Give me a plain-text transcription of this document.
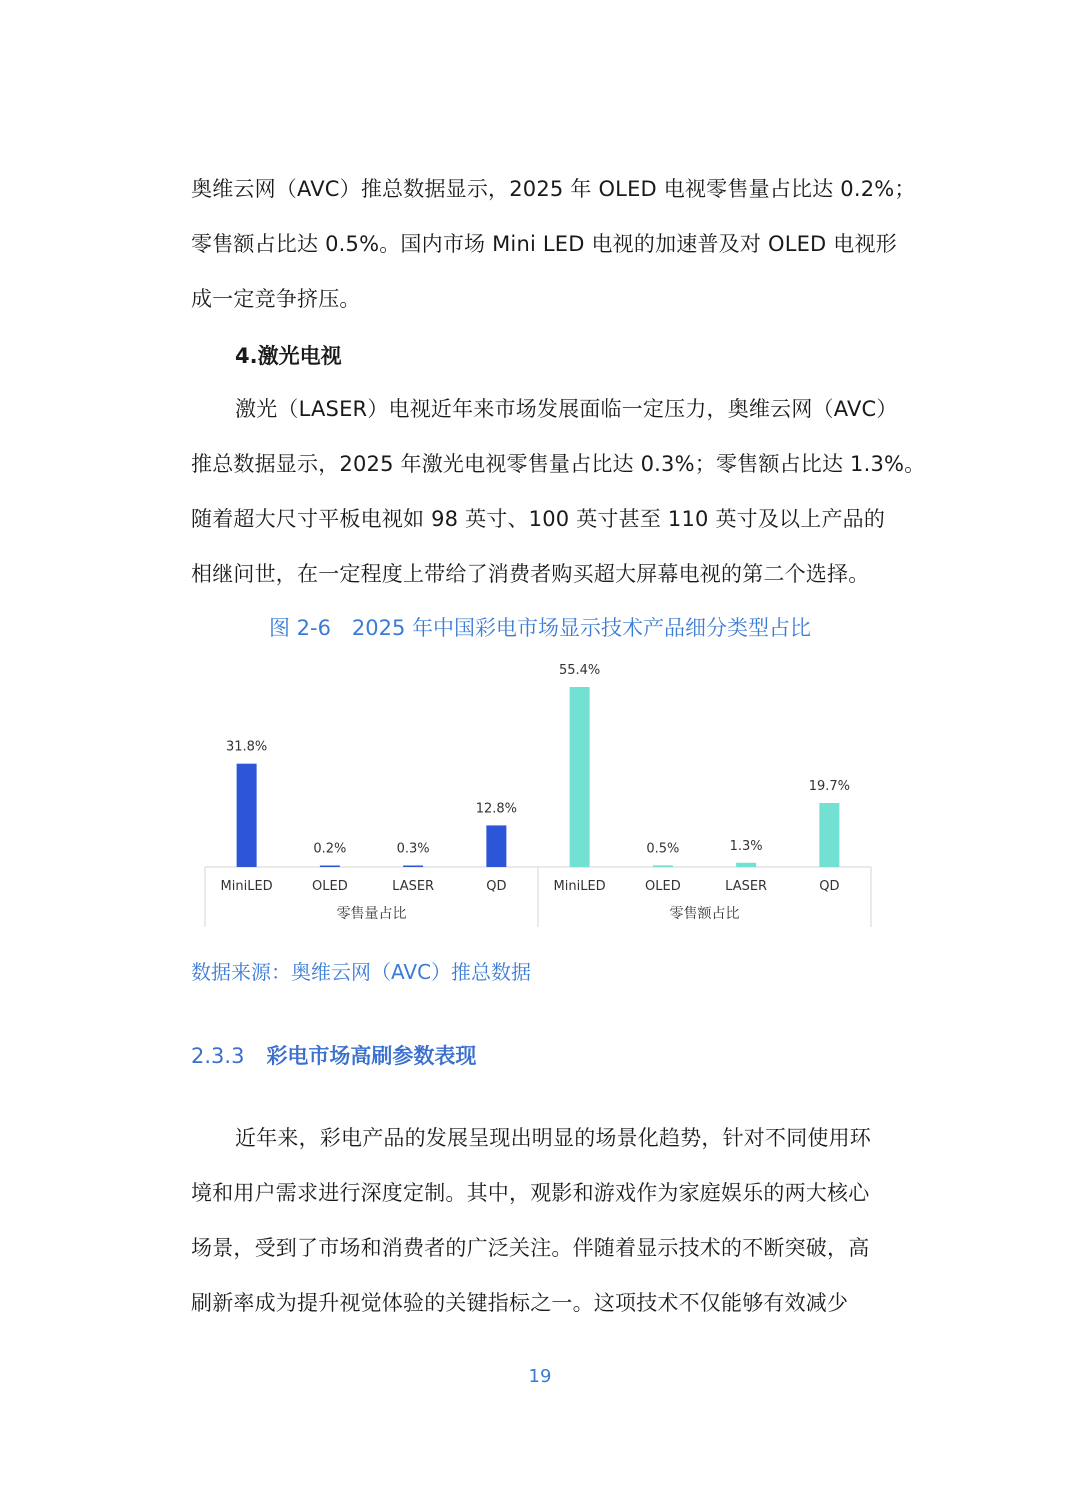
奥维云网（AVC）推总数据显示，2025 年 OLED 电视零售量占比达 0.2%；
零售额占比达 0.5%。国内市场 Mini LED 电视的加速普及对 OLED 电视形
成一定竞争挤压。
4.激光电视
激光（LASER）电视近年来市场发展面临一定压力，奥维云网（AVC）
推总数据显示，2025 年激光电视零售量占比达 0.3%；零售额占比达 1.3%。
随着超大尺寸平板电视如 98 英寸、100 英寸甚至 110 英寸及以上产品的
相继问世，在一定程度上带给了消费者购买超大屏幕电视的第二个选择。
图 2-6　2025 年中国彩电市场显示技术产品细分类型占比
31.8%
MiniLED
0.2%
OLED
0.3%
LASER
12.8%
QD
零售量占比
55.4%
MiniLED
0.5%
OLED
1.3%
LASER
19.7%
QD
零售额占比
数据来源：奥维云网（AVC）推总数据
2.3.3 彩电市场高刷参数表现
近年来，彩电产品的发展呈现出明显的场景化趋势，针对不同使用环
境和用户需求进行深度定制。其中，观影和游戏作为家庭娱乐的两大核心
场景，受到了市场和消费者的广泛关注。伴随着显示技术的不断突破，高
刷新率成为提升视觉体验的关键指标之一。这项技术不仅能够有效减少
19
